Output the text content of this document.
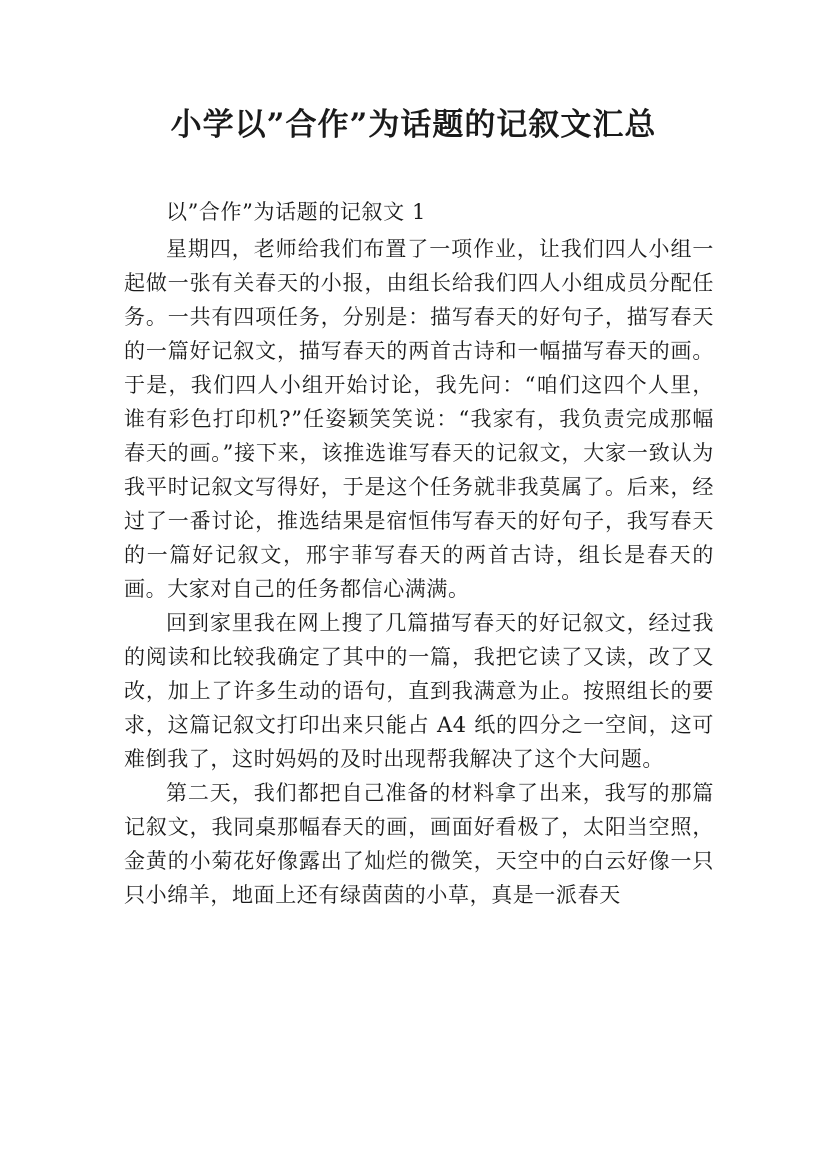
小学以”合作”为话题的记叙文汇总

以”合作”为话题的记叙文 1

星期四，老师给我们布置了一项作业，让我们四人小组一起做一张有关春天的小报，由组长给我们四人小组成员分配任务。一共有四项任务，分别是：描写春天的好句子，描写春天的一篇好记叙文，描写春天的两首古诗和一幅描写春天的画。于是，我们四人小组开始讨论，我先问：“咱们这四个人里，谁有彩色打印机?”任姿颖笑笑说：“我家有，我负责完成那幅春天的画。”接下来，该推选谁写春天的记叙文，大家一致认为我平时记叙文写得好，于是这个任务就非我莫属了。后来，经过了一番讨论，推选结果是宿恒伟写春天的好句子，我写春天的一篇好记叙文，邢宇菲写春天的两首古诗，组长是春天的画。大家对自己的任务都信心满满。

回到家里我在网上搜了几篇描写春天的好记叙文，经过我的阅读和比较我确定了其中的一篇，我把它读了又读，改了又改，加上了许多生动的语句，直到我满意为止。按照组长的要求，这篇记叙文打印出来只能占 A4 纸的四分之一空间，这可难倒我了，这时妈妈的及时出现帮我解决了这个大问题。

第二天，我们都把自己准备的材料拿了出来，我写的那篇记叙文，我同桌那幅春天的画，画面好看极了，太阳当空照，金黄的小菊花好像露出了灿烂的微笑，天空中的白云好像一只只小绵羊，地面上还有绿茵茵的小草，真是一派春天
